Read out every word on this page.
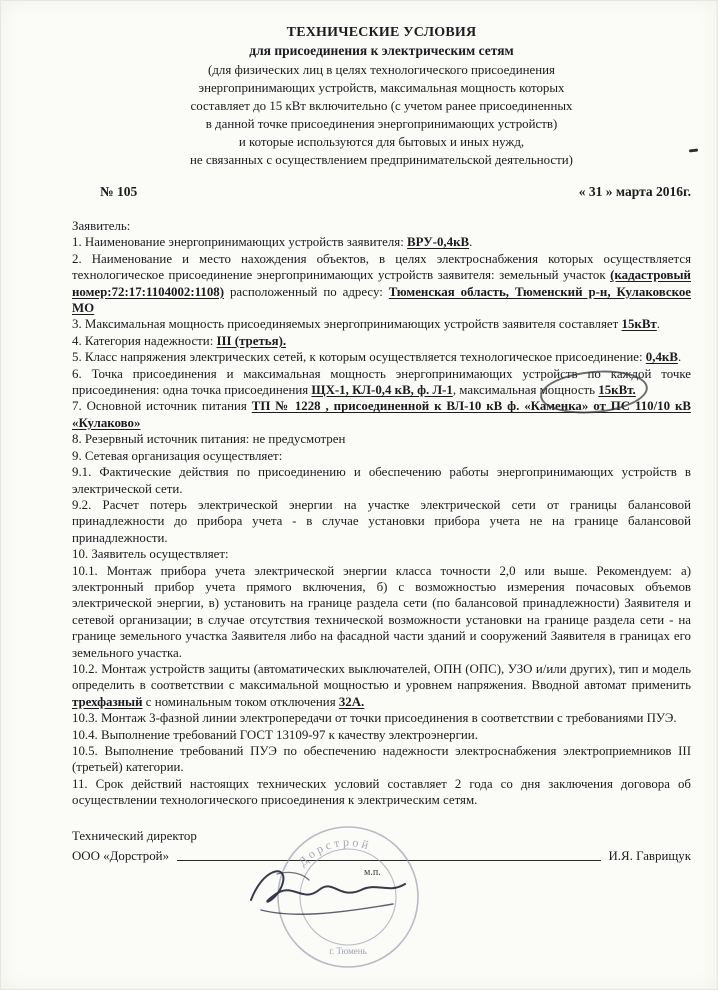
ТЕХНИЧЕСКИЕ УСЛОВИЯ
для присоединения к электрическим сетям
(для физических лиц в целях технологического присоединения
энергопринимающих устройств, максимальная мощность которых
составляет до 15 кВт включительно (с учетом ранее присоединенных
в данной точке присоединения энергопринимающих устройств)
и которые используются для бытовых и иных нужд,
не связанных с осуществлением предпринимательской деятельности)
№ 105	« 31 » марта 2016г.

Заявитель:

1. Наименование энергопринимающих устройств заявителя: ВРУ-0,4кВ.

2. Наименование и место нахождения объектов, в целях электроснабжения которых осуществляется технологическое присоединение энергопринимающих устройств заявителя: земельный участок (кадастровый номер:72:17:1104002:1108) расположенный по адресу: Тюменская область, Тюменский р-н, Кулаковское МО

3. Максимальная мощность присоединяемых энергопринимающих устройств заявителя составляет 15кВт.

4. Категория надежности: III (третья).

5. Класс напряжения электрических сетей, к которым осуществляется технологическое присоединение: 0,4кВ.

6. Точка присоединения и максимальная мощность энергопринимающих устройств по каждой точке присоединения: одна точка присоединения ЩХ-1, КЛ-0,4 кВ, ф. Л-1, максимальная мощность 15кВт.

7. Основной источник питания ТП № 1228 , присоединенной к ВЛ-10 кВ ф. «Каменка» от ПС 110/10 кВ «Кулаково»

8. Резервный источник питания: не предусмотрен

9. Сетевая организация осуществляет:

9.1. Фактические действия по присоединению и обеспечению работы энергопринимающих устройств в электрической сети.

9.2. Расчет потерь электрической энергии на участке электрической сети от границы балансовой принадлежности до прибора учета - в случае установки прибора учета не на границе балансовой принадлежности.

10. Заявитель осуществляет:

10.1. Монтаж прибора учета электрической энергии класса точности 2,0 или выше. Рекомендуем: а) электронный прибор учета прямого включения, б) с возможностью измерения почасовых объемов электрической энергии, в) установить на границе раздела сети (по балансовой принадлежности) Заявителя и сетевой организации; в случае отсутствия технической возможности установки на границе раздела сети - на границе земельного участка Заявителя либо на фасадной части зданий и сооружений Заявителя в границах его земельного участка.

10.2. Монтаж устройств защиты (автоматических выключателей, ОПН (ОПС), УЗО и/или других), тип и модель определить в соответствии с максимальной мощностью и уровнем напряжения. Вводной автомат применить трехфазный с номинальным током отключения 32А.

10.3. Монтаж 3-фазной линии электропередачи от точки присоединения в соответствии с требованиями ПУЭ.

10.4. Выполнение требований ГОСТ 13109-97 к качеству электроэнергии.

10.5. Выполнение требований ПУЭ по обеспечению надежности электроснабжения электроприемников III (третьей) категории.

11. Срок действий настоящих технических условий составляет 2 года со дня заключения договора об осуществлении технологического присоединения к электрическим сетям.

Технический директор

ООО «Дорстрой»	И.Я. Гаврищук
м.п.
Дорстрой
г. Тюмень
